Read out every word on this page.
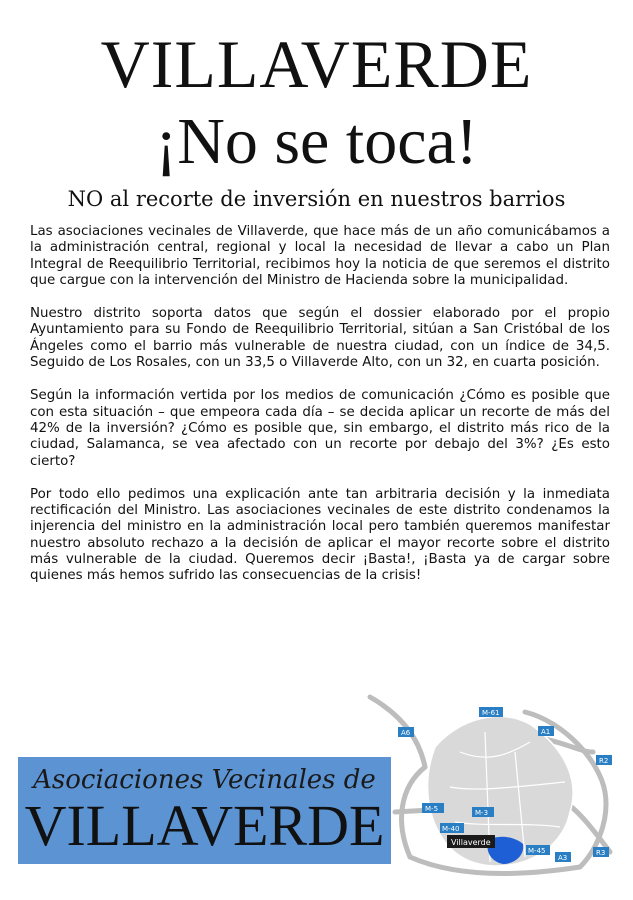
VILLAVERDE
¡No se toca!
NO al recorte de inversión en nuestros barrios

Las asociaciones vecinales de Villaverde, que hace más de un año comunicábamos a la administración central, regional y local la necesidad de llevar a cabo un Plan Integral de Reequilibrio Territorial, recibimos hoy la noticia de que seremos el distrito que cargue con la intervención del Ministro de Hacienda sobre la municipalidad.

Nuestro distrito soporta datos que según el dossier elaborado por el propio Ayuntamiento para su Fondo de Reequilibrio Territorial, sitúan a San Cristóbal de los Ángeles como el barrio más vulnerable de nuestra ciudad, con un índice de 34,5. Seguido de Los Rosales, con un 33,5 o Villaverde Alto, con un 32, en cuarta posición.

Según la información vertida por los medios de comunicación ¿Cómo es posible que con esta situación – que empeora cada día – se decida aplicar un recorte de más del 42% de la inversión? ¿Cómo es posible que, sin embargo, el distrito más rico de la ciudad, Salamanca, se vea afectado con un recorte por debajo del 3%? ¿Es esto cierto?

Por todo ello pedimos una explicación ante tan arbitraria decisión y la inmediata rectificación del Ministro. Las asociaciones vecinales de este distrito condenamos la injerencia del ministro en la administración local pero también queremos manifestar nuestro absoluto rechazo a la decisión de aplicar el mayor recorte sobre el distrito más vulnerable de la ciudad. Queremos decir ¡Basta!, ¡Basta ya de cargar sobre quienes más hemos sufrido las consecuencias de la crisis!

Asociaciones Vecinales de
VILLAVERDE
M-61
A6	A1
R2
M-5	M-3
M-40
M-45
A3
R3
Villaverde
